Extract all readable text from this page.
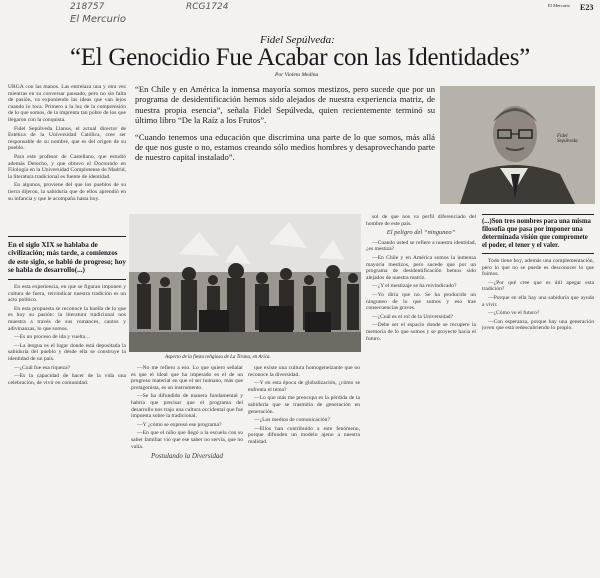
218757
El Mercurio
RCG1724	El Mercurio E23
Fidel Sepúlveda:
“El Genocidio Fue Acabar con las Identidades”
Por Violeta Medina

URGA con las manos. Las entrelaza una y otra vez mientras en su conversar pausado, pero no sin falta de pasión, va exponiendo las ideas que van lejos cuando lo toca. Primero a la luz de la comprensión de lo que somos, de la imprenta tan pobre de los que llegaron con la conquista.

Fidel Sepúlveda Llanos, el actual director de Estética de la Universidad Católica, cree ser responsable de su nombre, que es del origen de su pueblo.

Para este profesor de Castellano, que estudió además Derecho, y que obtuvo el Doctorado en Filología en la Universidad Complutense de Madrid, la literatura tradicional es fuente de identidad.

En algunos, proviene del que los pueblos de su tierra dijeron, la sabiduría que de ellos aprendió en su infancia y que le acompaña hasta hoy.

En el siglo XIX se hablaba de civilización; más tarde, a comienzos de este siglo, se habló de progreso; hoy se habla de desarrollo(...)

En esta experiencia, en que se figuran imponen y cultura de fuera, reivindicar nuestra tradición es un acto político.

En esta propuesta se reconoce la huella de lo que es hoy su pasión: la literatura tradicional nos muestra a través de sus romances, cantos y adivinanzas, lo que somos.

—Es un proceso de ida y vuelta…

—La lengua es el lugar donde está depositada la sabiduría del pueblo y desde ella se construye la identidad de un país.

—¿Cuál fue esa riqueza?

—Es la capacidad de hacer de la vida una celebración, de vivir en comunidad.

“En Chile y en América la inmensa mayoría somos mestizos, pero sucede que por un programa de desidentificación hemos sido alejados de nuestra experiencia matriz, de nuestra propia esencia”, señala Fidel Sepúlveda, quien recientemente terminó su último libro “De la Raíz a los Frutos”.

“Cuando tenemos una educación que discrimina una parte de lo que somos, más allá de que nos guste o no, estamos creando sólo medios hombres y desaprovechando parte de nuestro capital instalado”.

Fidel Sepúlveda.
Aspecto de la fiesta religiosa de La Tirana, en Arica.

—No me refiero a eso. Lo que quiero señalar es que el ideal que ha imperado es el de un progreso material en que el ser humano, más que protagonista, es un instrumento.

—Se ha difundido de manera fundamental y habría que precisar que el programa del desarrollo nos trajo una cultura occidental que fue impuesta sobre la tradicional.

—Y ¿cómo se expresó ese programa?

—En que el niño que llegó a la escuela con su saber familiar vio que ese saber no servía, que no valía.

Postulando la Diversidad

que existe una cultura homogeneizante que no reconoce la diversidad.

—Y en esta época de globalización, ¿cómo se enfrenta el tema?

—Lo que más me preocupa es la pérdida de la sabiduría que se trasmitía de generación en generación.

—¿Los medios de comunicación?

—Ellos han contribuido a este fenómeno, porque difunden un modelo ajeno a nuestra realidad.

sol de que nos va perfil diferenciado del hombre de este país.

El peligro del “ninguneo”

—Cuando usted se refiere a nuestra identidad, ¿es mestiza?

—En Chile y en América somos la inmensa mayoría mestizos, pero sucede que por un programa de desidentificación hemos sido alejados de nuestra matriz.

—¿Y el mestizaje se ha reivindicado?

—Yo diría que no. Se ha producido un ninguneo de lo que somos y eso trae consecuencias graves.

—¿Cuál es el rol de la Universidad?

—Debe ser el espacio donde se recupere la memoria de lo que somos y se proyecte hacia el futuro.

(...)Son tres nombres para una misma filosofía que pasa por imponer una determinada visión que compromete el poder, el tener y el valer.

Todo tiene hoy, además una complementación, pero lo que no se puede es desconocer lo que fuimos.

—¿Por qué cree que es útil apegar esta tradición?

—Porque en ella hay una sabiduría que ayuda a vivir.

—¿Cómo ve el futuro?

—Con esperanza, porque hay una generación joven que está redescubriendo lo propio.
